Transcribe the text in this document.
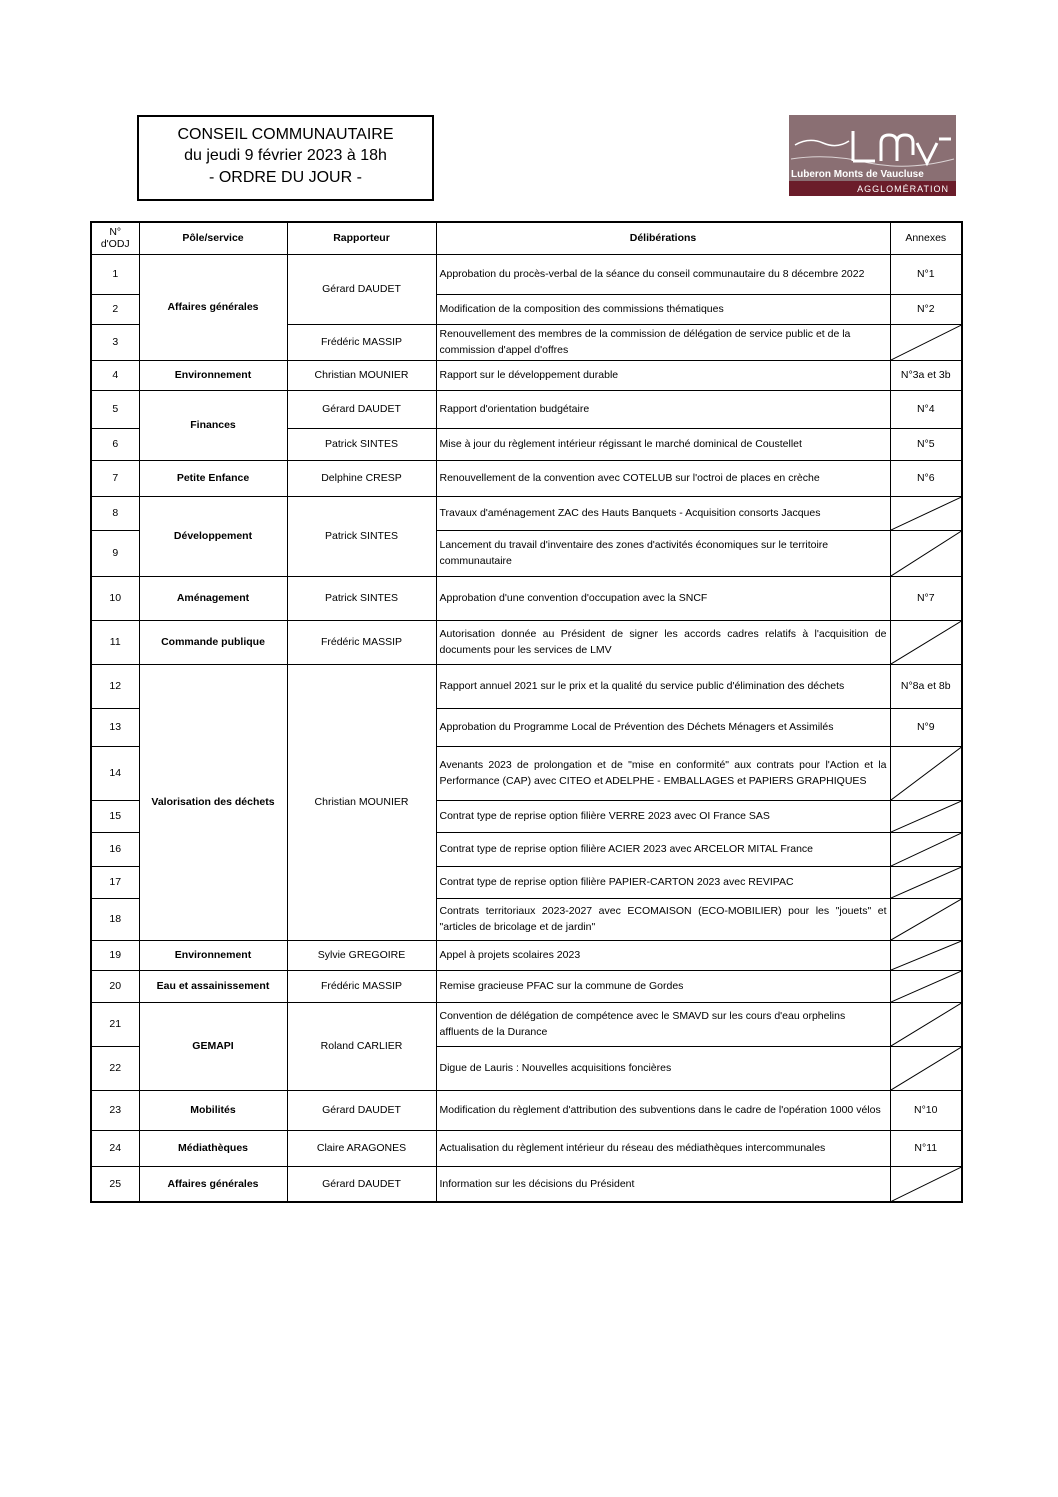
CONSEIL COMMUNAUTAIRE
du jeudi 9 février 2023 à 18h
- ORDRE DU JOUR -	Luberon Monts de Vaucluse
AGGLOMÉRATION
N° d'ODJ	Pôle/service	Rapporteur	Délibérations	Annexes
1	Affaires générales	Gérard DAUDET	Approbation du procès-verbal de la séance du conseil communautaire du 8 décembre 2022	N°1
2			Modification de la composition des commissions thématiques	N°2
3		Frédéric MASSIP	Renouvellement des membres de la commission de délégation de service public et de la commission d'appel d'offres	

4	Environnement	Christian MOUNIER	Rapport sur le développement durable	N°3a et 3b
5	Finances	Gérard DAUDET	Rapport d'orientation budgétaire	N°4
6		Patrick SINTES	Mise à jour du règlement intérieur régissant le marché dominical de Coustellet	N°5
7	Petite Enfance	Delphine CRESP	Renouvellement de la convention avec COTELUB sur l'octroi de places en crèche	N°6
8	Développement	Patrick SINTES	Travaux d'aménagement ZAC des Hauts Banquets - Acquisition consorts Jacques	

9			Lancement du travail d'inventaire des zones d'activités économiques sur le territoire communautaire	

10	Aménagement	Patrick SINTES	Approbation d'une convention d'occupation avec la SNCF	N°7
11	Commande publique	Frédéric MASSIP	Autorisation donnée au Président de signer les accords cadres relatifs à l'acquisition de documents pour les services de LMV	

12	Valorisation des déchets	Christian MOUNIER	Rapport annuel 2021 sur le prix et la qualité du service public d'élimination des déchets	N°8a et 8b
13			Approbation du Programme Local de Prévention des Déchets Ménagers et Assimilés	N°9
14			Avenants 2023 de prolongation et de "mise en conformité" aux contrats pour l'Action et la Performance (CAP) avec CITEO et ADELPHE - EMBALLAGES et PAPIERS GRAPHIQUES	

15			Contrat type de reprise option filière VERRE 2023 avec OI France SAS	

16			Contrat type de reprise option filière ACIER 2023 avec ARCELOR MITAL France	

17			Contrat type de reprise option filière PAPIER-CARTON 2023 avec REVIPAC	

18			Contrats territoriaux 2023-2027 avec ECOMAISON (ECO-MOBILIER) pour les "jouets" et "articles de bricolage et de jardin"	

19	Environnement	Sylvie GREGOIRE	Appel à projets scolaires 2023	

20	Eau et assainissement	Frédéric MASSIP	Remise gracieuse PFAC sur la commune de Gordes	

21	GEMAPI	Roland CARLIER	Convention de délégation de compétence avec le SMAVD sur les cours d'eau orphelins affluents de la Durance	

22			Digue de Lauris : Nouvelles acquisitions foncières	

23	Mobilités	Gérard DAUDET	Modification du règlement d'attribution des subventions dans le cadre de l'opération 1000 vélos	N°10
24	Médiathèques	Claire ARAGONES	Actualisation du règlement intérieur du réseau des médiathèques intercommunales	N°11
25	Affaires générales	Gérard DAUDET	Information sur les décisions du Président	
